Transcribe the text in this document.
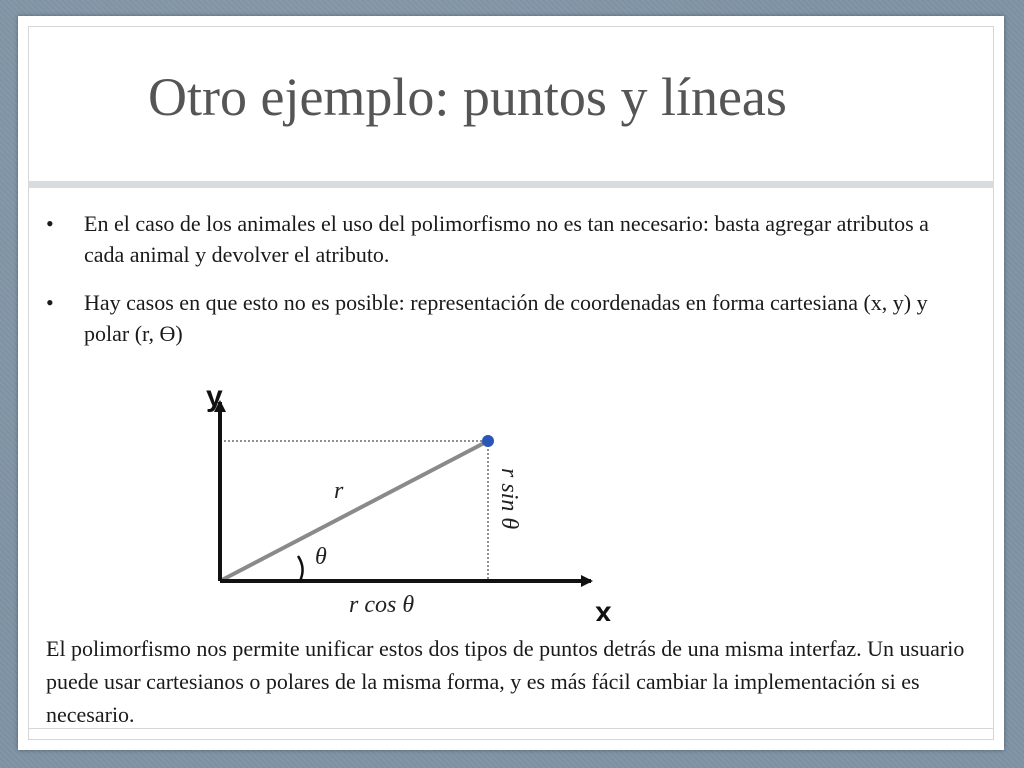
Otro ejemplo: puntos y líneas
• En el caso de los animales el uso del polimorfismo no es tan necesario: basta agregar atributos a cada animal y devolver el atributo.
• Hay casos en que esto no es posible: representación de coordenadas en forma cartesiana (x, y) y polar (r, ϴ)
y
x
r
θ
r cos θ
r sin θ

El polimorfismo nos permite unificar estos dos tipos de puntos detrás de una misma interfaz. Un usuario puede usar cartesianos o polares de la misma forma, y es más fácil cambiar la implementación si es necesario.
